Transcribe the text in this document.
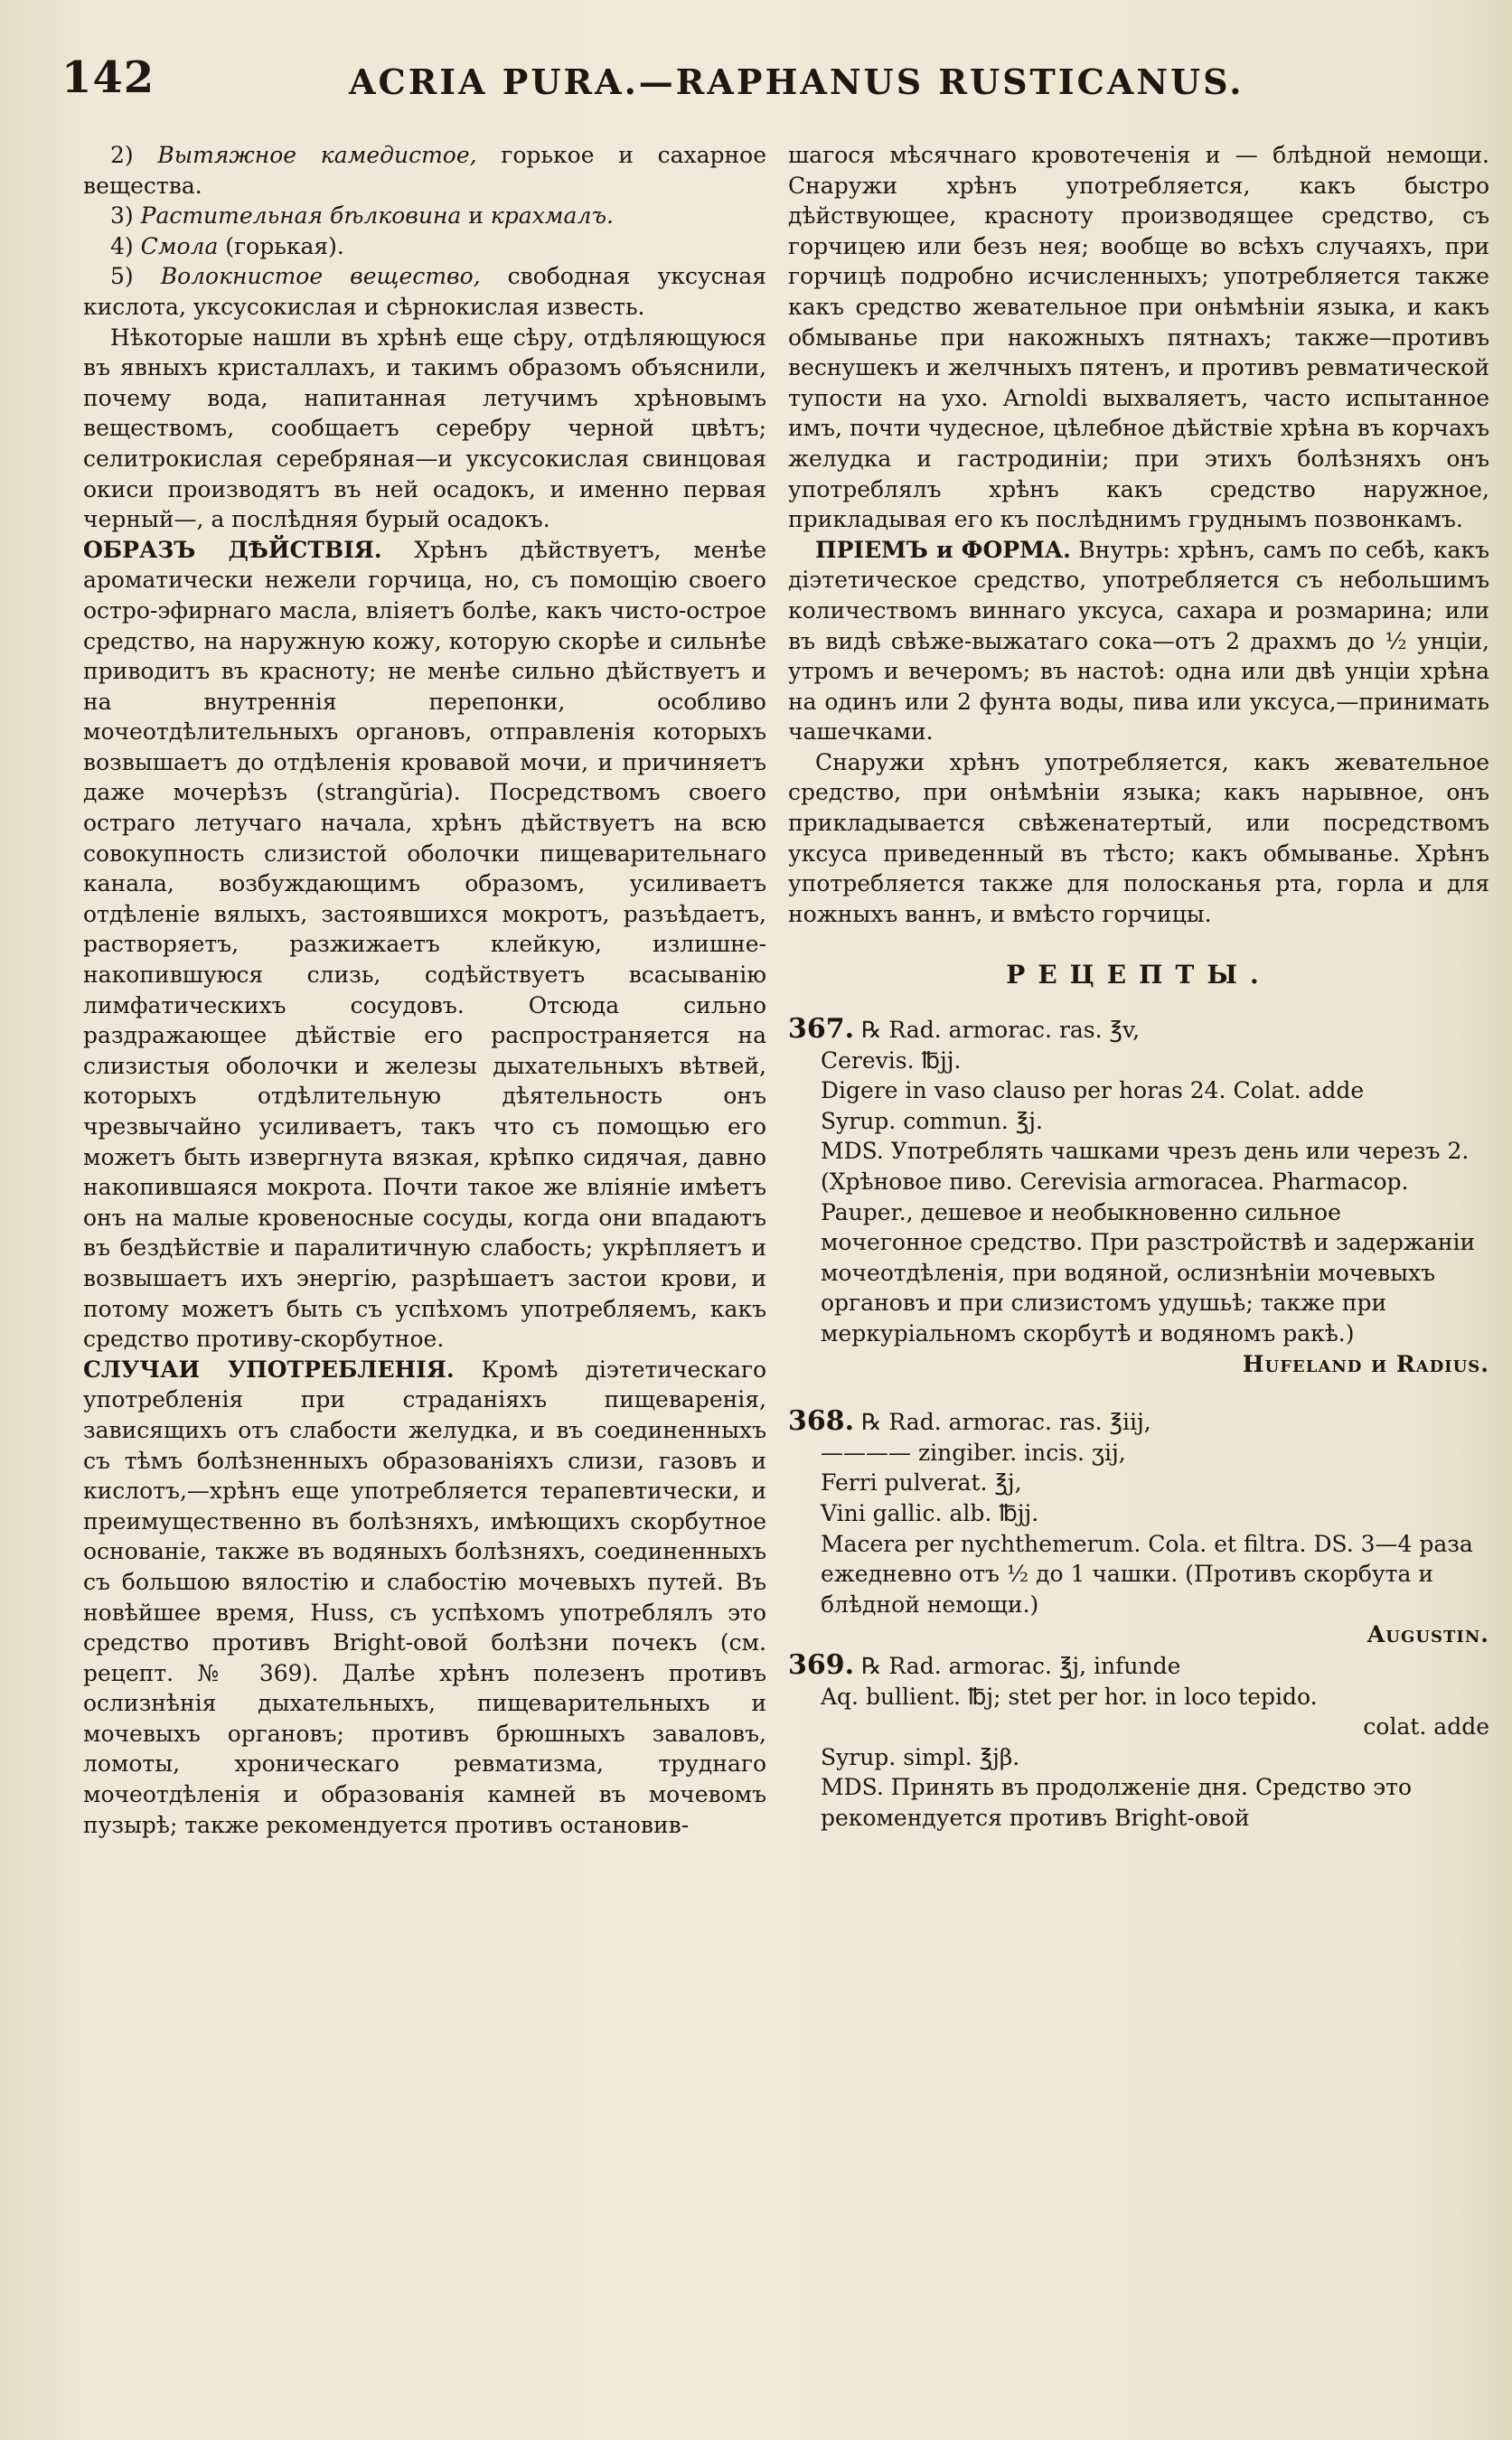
142	ACRIA PURA.—RAPHANUS RUSTICANUS.

2) Вытяжное камедистое, горькое и сахарное вещества.

3) Растительная бѣлковина и крахмалъ.

4) Смола (горькая).

5) Волокнистое вещество, свободная уксусная кислота, уксусокислая и сѣрнокислая известь.

Нѣкоторые нашли въ хрѣнѣ еще сѣру, отдѣляющуюся въ явныхъ кристаллахъ, и такимъ образомъ объяснили, почему вода, напитанная летучимъ хрѣновымъ веществомъ, сообщаетъ серебру черной цвѣтъ; селитрокислая серебряная—и уксусокислая свинцовая окиси производятъ въ ней осадокъ, и именно первая черный—, а послѣдняя бурый осадокъ.

ОБРАЗЪ ДѢЙСТВІЯ. Хрѣнъ дѣйствуетъ, менѣе ароматически нежели горчица, но, съ помощію своего остро-эфирнаго масла, вліяетъ болѣе, какъ чисто-острое средство, на наружную кожу, которую скорѣе и сильнѣе приводитъ въ красноту; не менѣе сильно дѣйствуетъ и на внутреннія перепонки, особливо мочеотдѣлительныхъ органовъ, отправленія которыхъ возвышаетъ до отдѣленія кровавой мочи, и причиняетъ даже мочерѣзъ (strangŭria). Посредствомъ своего остраго летучаго начала, хрѣнъ дѣйствуетъ на всю совокупность слизистой оболочки пищеварительнаго канала, возбуждающимъ образомъ, усиливаетъ отдѣленіе вялыхъ, застоявшихся мокротъ, разъѣдаетъ, растворяетъ, разжижаетъ клейкую, излишне-накопившуюся слизь, содѣйствуетъ всасыванію лимфатическихъ сосудовъ. Отсюда сильно раздражающее дѣйствіе его распространяется на слизистыя оболочки и железы дыхательныхъ вѣтвей, которыхъ отдѣлительную дѣятельность онъ чрезвычайно усиливаетъ, такъ что съ помощью его можетъ быть извергнута вязкая, крѣпко сидячая, давно накопившаяся мокрота. Почти такое же вліяніе имѣетъ онъ на малые кровеносные сосуды, когда они впадаютъ въ бездѣйствіе и паралитичную слабость; укрѣпляетъ и возвышаетъ ихъ энергію, разрѣшаетъ застои крови, и потому можетъ быть съ успѣхомъ употребляемъ, какъ средство противу-скорбутное.

СЛУЧАИ УПОТРЕБЛЕНІЯ. Кромѣ діэтетическаго употребленія при страданіяхъ пищеваренія, зависящихъ отъ слабости желудка, и въ соединенныхъ съ тѣмъ болѣзненныхъ образованіяхъ слизи, газовъ и кислотъ,—хрѣнъ еще употребляется терапевтически, и преимущественно въ болѣзняхъ, имѣющихъ скорбутное основаніе, также въ водяныхъ болѣзняхъ, соединенныхъ съ большою вялостію и слабостію мочевыхъ путей. Въ новѣйшее время, Huss, съ успѣхомъ употреблялъ это средство противъ Bright-овой болѣзни почекъ (см. рецепт. № 369). Далѣе хрѣнъ полезенъ противъ ослизнѣнія дыхательныхъ, пищеварительныхъ и мочевыхъ органовъ; противъ брюшныхъ заваловъ, ломоты, хроническаго ревматизма, труднаго мочеотдѣленія и образованія камней въ мочевомъ пузырѣ; также рекомендуется противъ остановив-

шагося мѣсячнаго кровотеченія и — блѣдной немощи. Снаружи хрѣнъ употребляется, какъ быстро дѣйствующее, красноту производящее средство, съ горчицею или безъ нея; вообще во всѣхъ случаяхъ, при горчицѣ подробно исчисленныхъ; употребляется также какъ средство жевательное при онѣмѣніи языка, и какъ обмыванье при накожныхъ пятнахъ; также—противъ веснушекъ и желчныхъ пятенъ, и противъ ревматической тупости на ухо. Arnoldi выхваляетъ, часто испытанное имъ, почти чудесное, цѣлебное дѣйствіе хрѣна въ корчахъ желудка и гастродиніи; при этихъ болѣзняхъ онъ употреблялъ хрѣнъ какъ средство наружное, прикладывая его къ послѣднимъ груднымъ позвонкамъ.

ПРІЕМЪ и ФОРМА. Внутрь: хрѣнъ, самъ по себѣ, какъ діэтетическое средство, употребляется съ небольшимъ количествомъ виннаго уксуса, сахара и розмарина; или въ видѣ свѣже-выжатаго сока—отъ 2 драхмъ до ½ унціи, утромъ и вечеромъ; въ настоѣ: одна или двѣ унціи хрѣна на одинъ или 2 фунта воды, пива или уксуса,—принимать чашечками.

Снаружи хрѣнъ употребляется, какъ жевательное средство, при онѣмѣніи языка; какъ нарывное, онъ прикладывается свѣженатертый, или посредствомъ уксуса приведенный въ тѣсто; какъ обмыванье. Хрѣнъ употребляется также для полосканья рта, горла и для ножныхъ ваннъ, и вмѣсто горчицы.

РЕЦЕПТЫ.

367. ℞ Rad. armorac. ras. ℥v,

Cerevis. ℔jj.

Digere in vaso clauso per horas 24. Colat. adde

Syrup. commun. ℥j.

MDS. Употреблять чашками чрезъ день или черезъ 2. (Хрѣновое пиво. Cerevisia armoracea. Pharmacop. Pauper., дешевое и необыкновенно сильное мочегонное средство. При разстройствѣ и задержаніи мочеотдѣленія, при водяной, ослизнѣніи мочевыхъ органовъ и при слизистомъ удушьѣ; также при меркуріальномъ скорбутѣ и водяномъ ракѣ.)

Hufeland и Radius.

368. ℞ Rad. armorac. ras. ℥iij,

———— zingiber. incis. ʒij,

Ferri pulverat. ℥j,

Vini gallic. alb. ℔jj.

Macera per nychthemerum. Cola. et filtra. DS. 3—4 раза ежедневно отъ ½ до 1 чашки. (Противъ скорбута и блѣдной немощи.)

Augustin.

369. ℞ Rad. armorac. ℥j, infunde

Aq. bullient. ℔j; stet per hor. in loco tepido.

colat. adde

Syrup. simpl. ℥jβ.

MDS. Принять въ продолженіе дня. Средство это рекомендуется противъ Bright-овой
